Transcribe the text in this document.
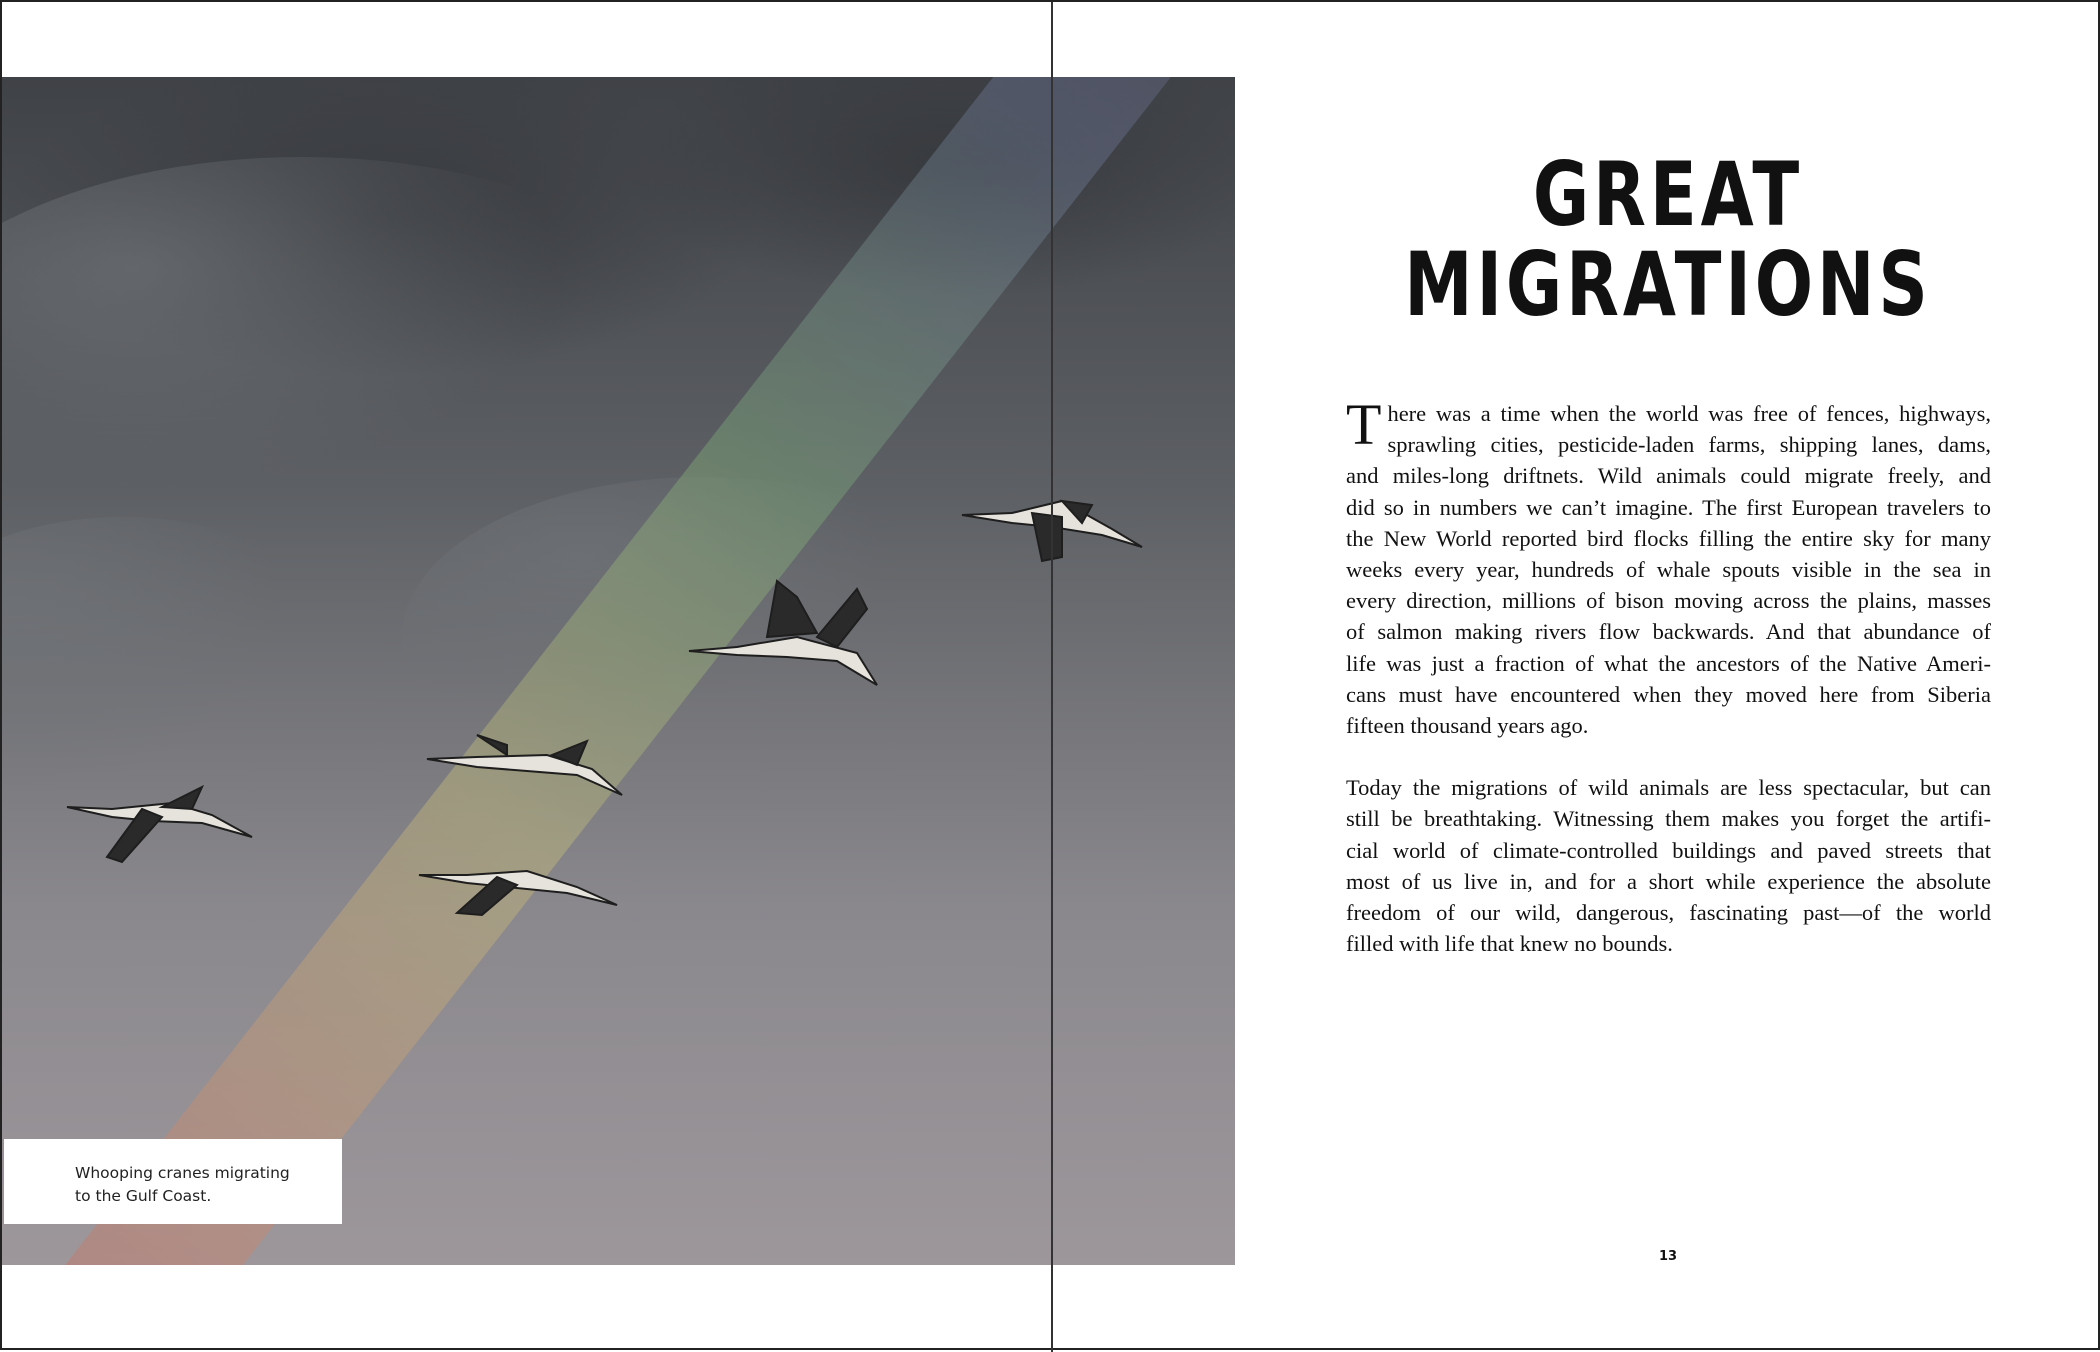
Whooping cranes migrating
to the Gulf Coast.
GREAT
MIGRATIONS
T here was a time when the world was free of fences, highways,
sprawling cities, pesticide-laden farms, shipping lanes, dams,
and miles-long driftnets. Wild animals could migrate freely, and
did so in numbers we can’t imagine. The first European travelers to
the New World reported bird flocks filling the entire sky for many
weeks every year, hundreds of whale spouts visible in the sea in
every direction, millions of bison moving across the plains, masses
of salmon making rivers flow backwards. And that abundance of
life was just a fraction of what the ancestors of the Native Ameri-
cans must have encountered when they moved here from Siberia
fifteen thousand years ago.
Today the migrations of wild animals are less spectacular, but can
still be breathtaking. Witnessing them makes you forget the artifi-
cial world of climate-controlled buildings and paved streets that
most of us live in, and for a short while experience the absolute
freedom of our wild, dangerous, fascinating past—of the world
filled with life that knew no bounds.
13
